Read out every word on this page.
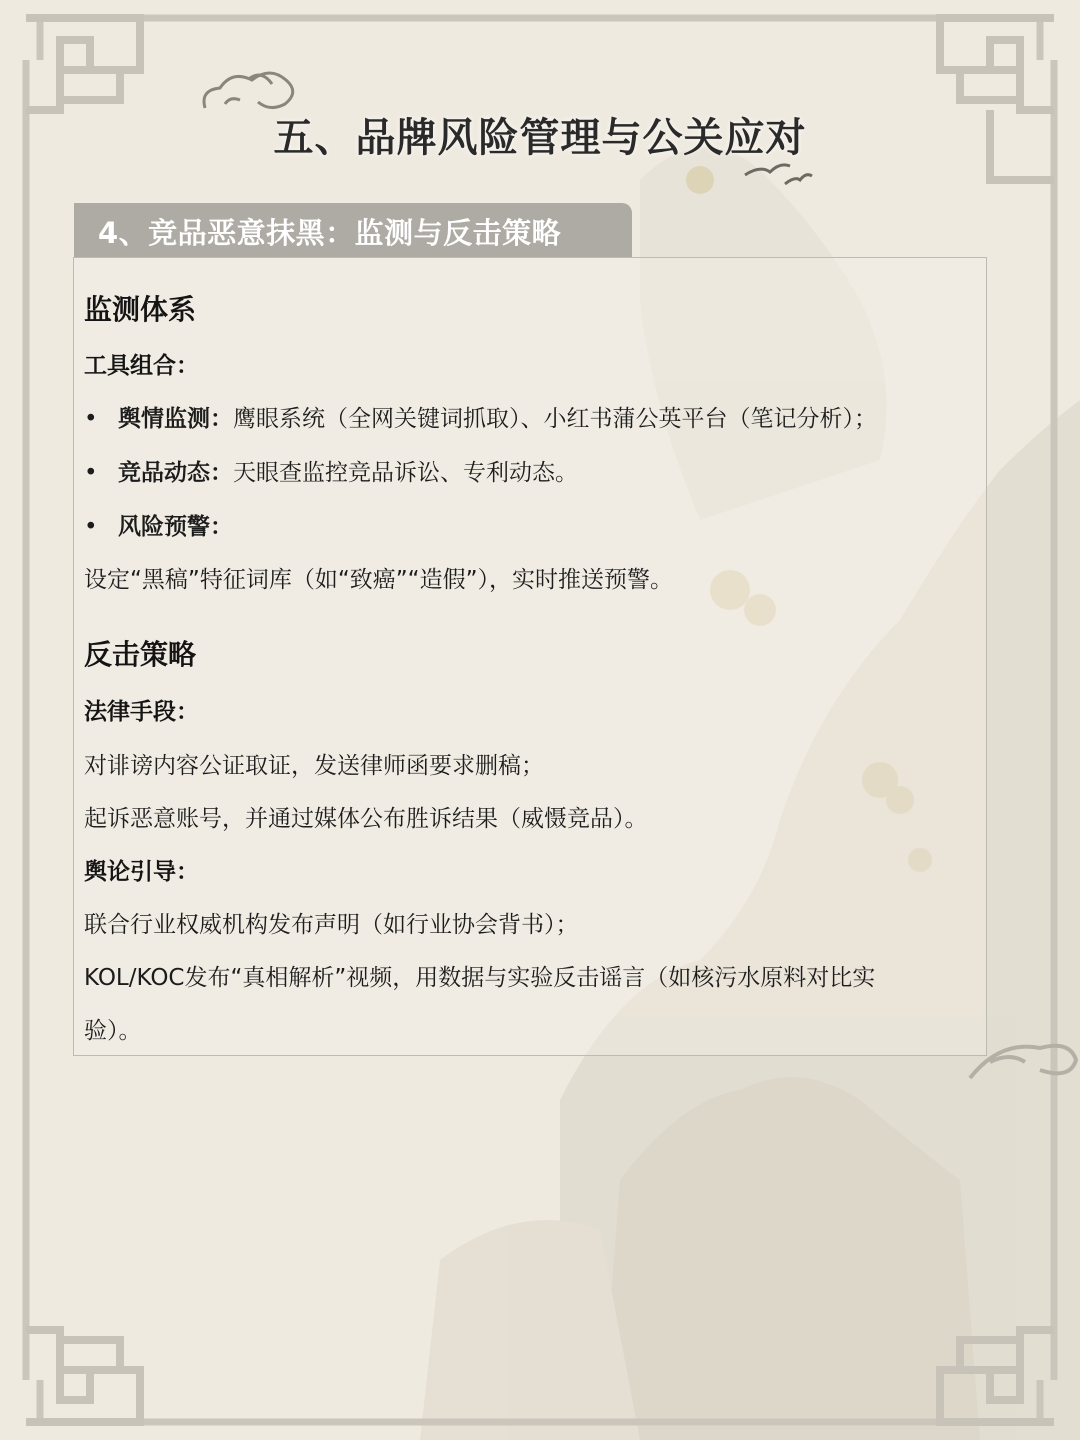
五、品牌风险管理与公关应对
4、竞品恶意抹黑：监测与反击策略
监测体系
工具组合：
• 舆情监测：鹰眼系统（全网关键词抓取）、小红书蒲公英平台（笔记分析）；
• 竞品动态：天眼查监控竞品诉讼、专利动态。
• 风险预警：
设定“黑稿”特征词库（如“致癌”“造假”），实时推送预警。
反击策略
法律手段：
对诽谤内容公证取证，发送律师函要求删稿；
起诉恶意账号，并通过媒体公布胜诉结果（威慑竞品）。
舆论引导：
联合行业权威机构发布声明（如行业协会背书）；
KOL/KOC发布“真相解析”视频，用数据与实验反击谣言（如核污水原料对比实
验）。
